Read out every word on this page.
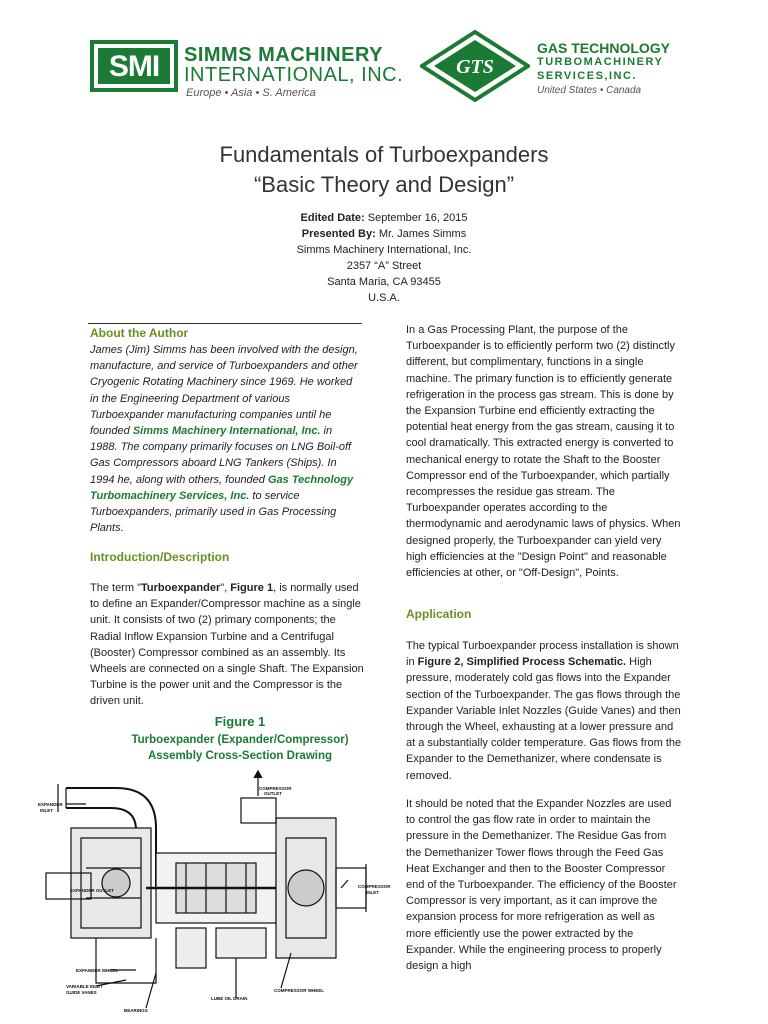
SMI	SIMMS MACHINERY
INTERNATIONAL, INC.
Europe • Asia • S. America
GTS
GAS TECHNOLOGY
TURBOMACHINERY
SERVICES,INC.
United States • Canada
Fundamentals of Turboexpanders
“Basic Theory and Design”
Edited Date: September 16, 2015
Presented By: Mr. James Simms
Simms Machinery International, Inc.
2357 “A” Street
Santa Maria, CA 93455
U.S.A.
About the Author
James (Jim) Simms has been involved with the design, manufacture, and service of Turboexpanders and other Cryogenic Rotating Machinery since 1969. He worked in the Engineering Department of various Turboexpander manufacturing companies until he founded Simms Machinery International, Inc. in 1988. The company primarily focuses on LNG Boil-off Gas Compressors aboard LNG Tankers (Ships). In 1994 he, along with others, founded Gas Technology Turbomachinery Services, Inc. to service Turboexpanders, primarily used in Gas Processing Plants.
Introduction/Description
The term "Turboexpander", Figure 1, is normally used to define an Expander/Compressor machine as a single unit. It consists of two (2) primary components; the Radial Inflow Expansion Turbine and a Centrifugal (Booster) Compressor combined as an assembly. Its Wheels are connected on a single Shaft. The Expansion Turbine is the power unit and the Compressor is the driven unit.
Figure 1
Turboexpander (Expander/Compressor)
Assembly Cross-Section Drawing
EXPANDER
INLET
COMPRESSOR
OUTLET
EXPANDER OUTLET
COMPRESSOR
INLET
EXPANDER WHEEL
VARIABLE INLET
GUIDE VANES
BEARINGS
LUBE OIL DRAIN
COMPRESSOR WHEEL
In a Gas Processing Plant, the purpose of the Turboexpander is to efficiently perform two (2) distinctly different, but complimentary, functions in a single machine. The primary function is to efficiently generate refrigeration in the process gas stream. This is done by the Expansion Turbine end efficiently extracting the potential heat energy from the gas stream, causing it to cool dramatically. This extracted energy is converted to mechanical energy to rotate the Shaft to the Booster Compressor end of the Turboexpander, which partially recompresses the residue gas stream. The Turboexpander operates according to the thermodynamic and aerodynamic laws of physics. When designed properly, the Turboexpander can yield very high efficiencies at the "Design Point" and reasonable efficiencies at other, or "Off-Design", Points.
Application
The typical Turboexpander process installation is shown in Figure 2, Simplified Process Schematic. High pressure, moderately cold gas flows into the Expander section of the Turboexpander. The gas flows through the Expander Variable Inlet Nozzles (Guide Vanes) and then through the Wheel, exhausting at a lower pressure and at a substantially colder temperature. Gas flows from the Expander to the Demethanizer, where condensate is removed.
It should be noted that the Expander Nozzles are used to control the gas flow rate in order to maintain the pressure in the Demethanizer. The Residue Gas from the Demethanizer Tower flows through the Feed Gas Heat Exchanger and then to the Booster Compressor end of the Turboexpander. The efficiency of the Booster Compressor is very important, as it can improve the expansion process for more refrigeration as well as more efficiently use the power extracted by the Expander. While the engineering process to properly design a high
